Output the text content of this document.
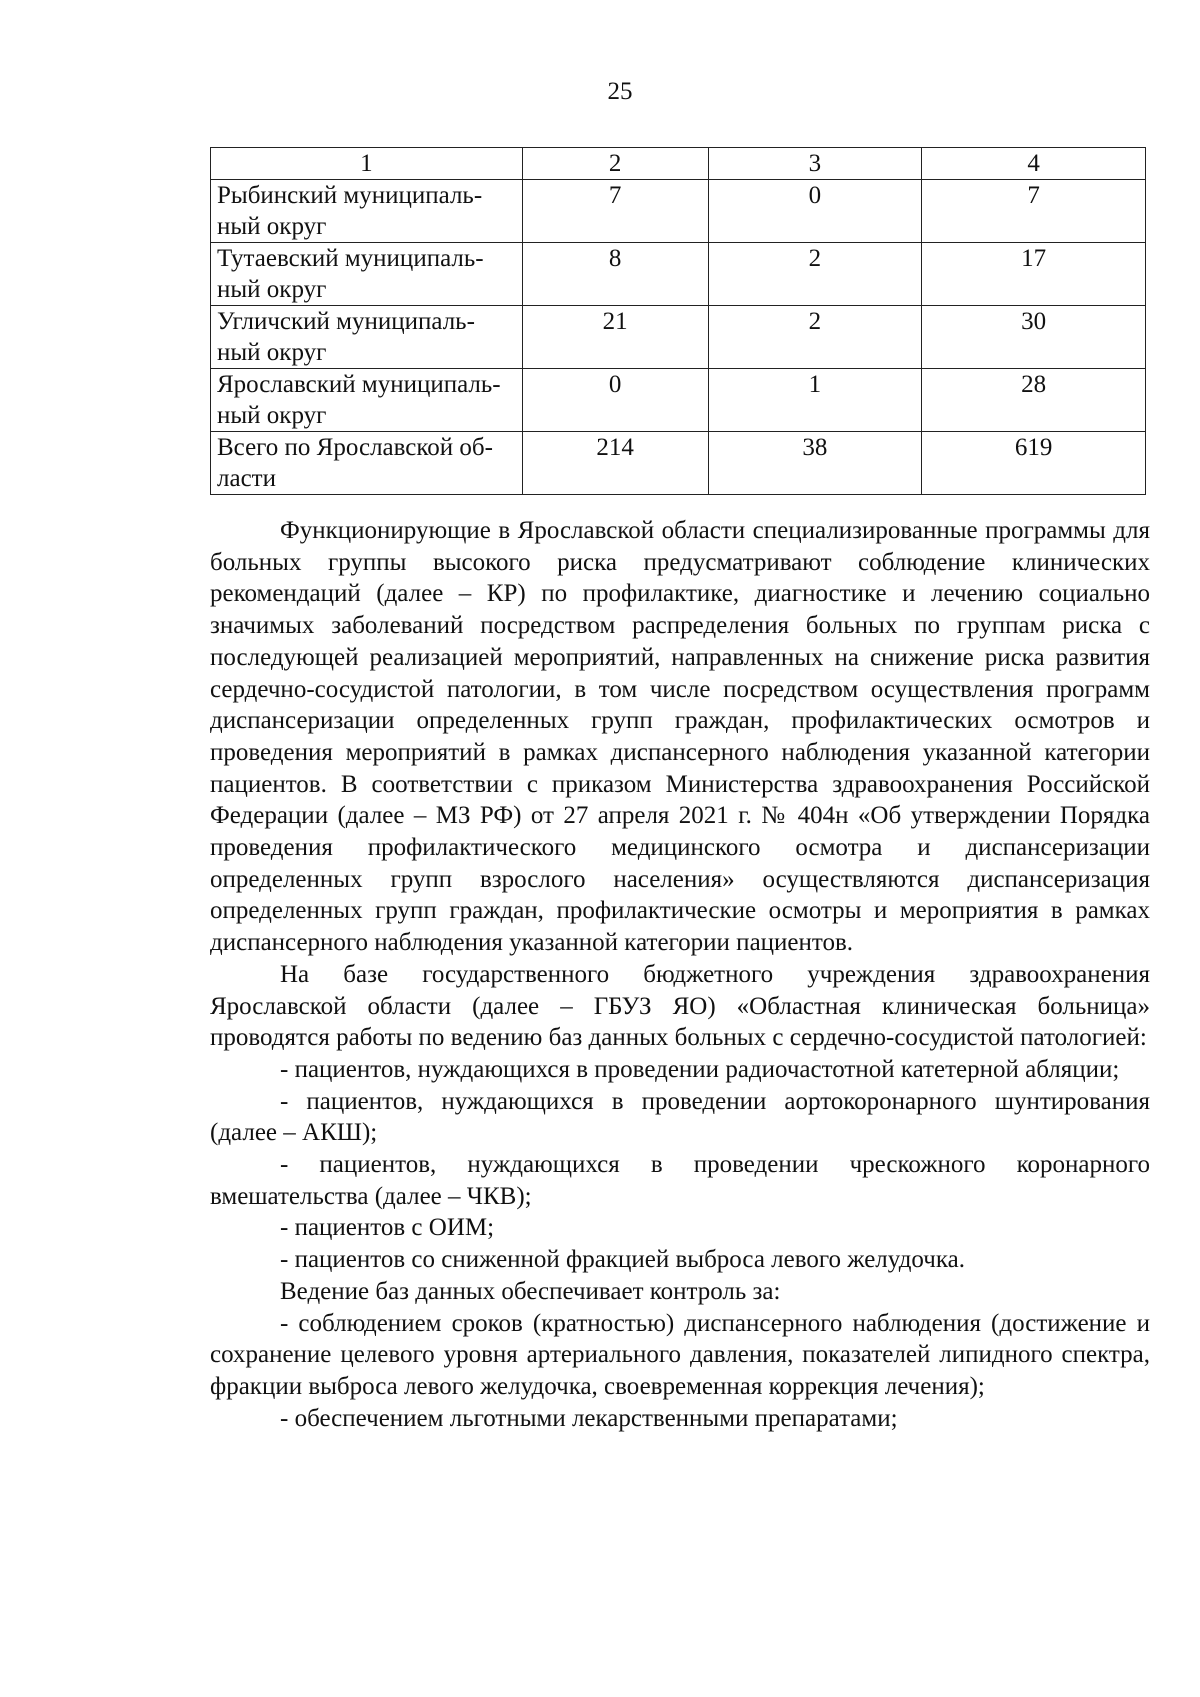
25
1	2	3	4
Рыбинский муниципаль-ный округ	7	0	7
Тутаевский муниципаль-ный округ	8	2	17
Угличский муниципаль-ный округ	21	2	30
Ярославский муниципаль-ный округ	0	1	28
Всего по Ярославской об-ласти	214	38	619

Функционирующие в Ярославской области специализированные программы для больных группы высокого риска предусматривают соблюдение клинических рекомендаций (далее – КР) по профилактике, диагностике и лечению социально значимых заболеваний посредством распределения больных по группам риска с последующей реализацией мероприятий, направленных на снижение риска развития сердечно-сосудистой патологии, в том числе посредством осуществления программ диспансеризации определенных групп граждан, профилактических осмотров и проведения мероприятий в рамках диспансерного наблюдения указанной категории пациентов. В соответствии с приказом Министерства здравоохранения Российской Федерации (далее – МЗ РФ) от 27 апреля 2021 г. № 404н «Об утверждении Порядка проведения профилактического медицинского осмотра и диспансеризации определенных групп взрослого населения» осуществляются диспансеризация определенных групп граждан, профилактические осмотры и мероприятия в рамках диспансерного наблюдения указанной категории пациентов.

На базе государственного бюджетного учреждения здравоохранения Ярославской области (далее – ГБУЗ ЯО) «Областная клиническая больница» проводятся работы по ведению баз данных больных с сердечно-сосудистой патологией:

- пациентов, нуждающихся в проведении радиочастотной катетерной абляции;

- пациентов, нуждающихся в проведении аортокоронарного шунтирования (далее – АКШ);

- пациентов, нуждающихся в проведении чрескожного коронарного вмешательства (далее – ЧКВ);

- пациентов с ОИМ;

- пациентов со сниженной фракцией выброса левого желудочка.

Ведение баз данных обеспечивает контроль за:

- соблюдением сроков (кратностью) диспансерного наблюдения (достижение и сохранение целевого уровня артериального давления, показателей липидного спектра, фракции выброса левого желудочка, своевременная коррекция лечения);

- обеспечением льготными лекарственными препаратами;
